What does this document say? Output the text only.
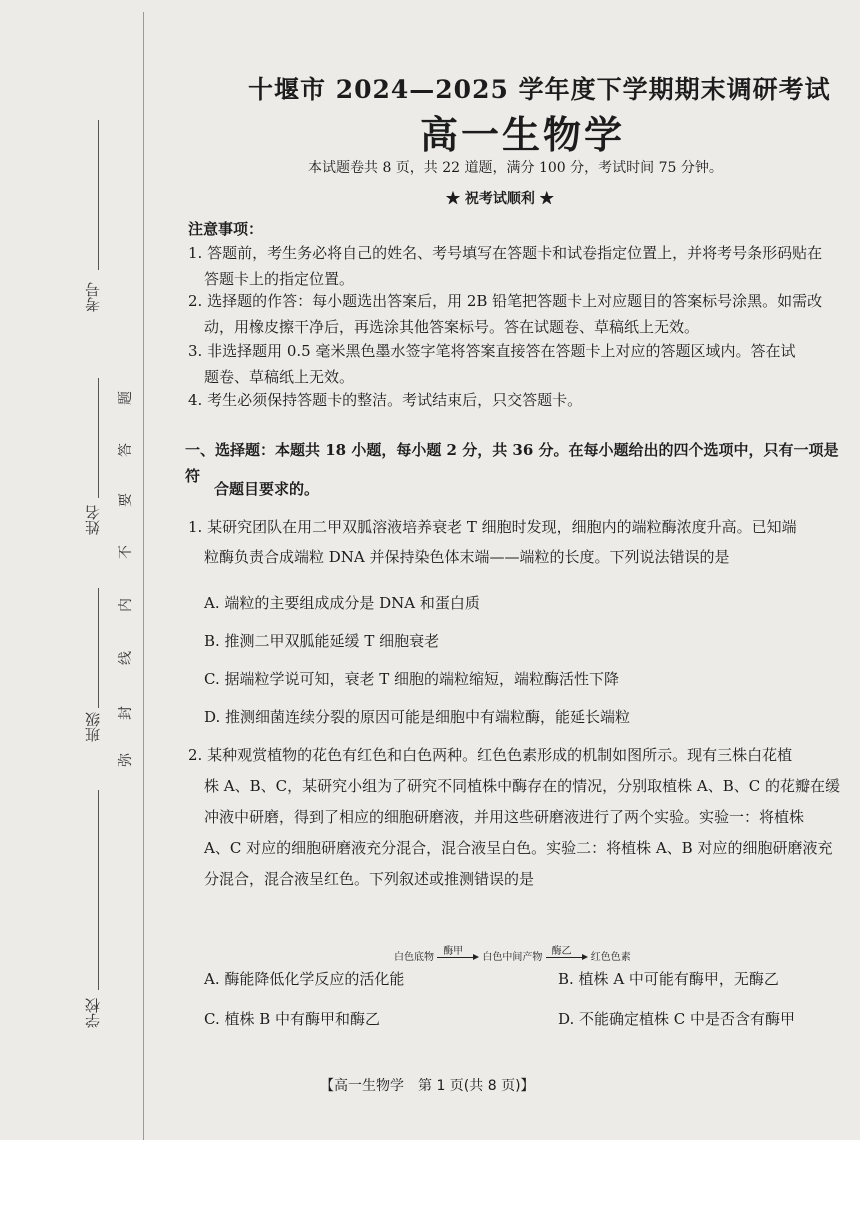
考号
姓名
班级
学校
弥
封
线
内
不
要
答
题
十堰市 2024—2025 学年度下学期期末调研考试
高一生物学
本试题卷共 8 页，共 22 道题，满分 100 分，考试时间 75 分钟。
★ 祝考试顺利 ★
注意事项：
1. 答题前，考生务必将自己的姓名、考号填写在答题卡和试卷指定位置上，并将考号条形码贴在
答题卡上的指定位置。
2. 选择题的作答：每小题选出答案后，用 2B 铅笔把答题卡上对应题目的答案标号涂黑。如需改
动，用橡皮擦干净后，再选涂其他答案标号。答在试题卷、草稿纸上无效。
3. 非选择题用 0.5 毫米黑色墨水签字笔将答案直接答在答题卡上对应的答题区域内。答在试
题卷、草稿纸上无效。
4. 考生必须保持答题卡的整洁。考试结束后，只交答题卡。
一、选择题：本题共 18 小题，每小题 2 分，共 36 分。在每小题给出的四个选项中，只有一项是符
合题目要求的。
1. 某研究团队在用二甲双胍溶液培养衰老 T 细胞时发现，细胞内的端粒酶浓度升高。已知端
粒酶负责合成端粒 DNA 并保持染色体末端——端粒的长度。下列说法错误的是
A. 端粒的主要组成成分是 DNA 和蛋白质
B. 推测二甲双胍能延缓 T 细胞衰老
C. 据端粒学说可知，衰老 T 细胞的端粒缩短，端粒酶活性下降
D. 推测细菌连续分裂的原因可能是细胞中有端粒酶，能延长端粒
2. 某种观赏植物的花色有红色和白色两种。红色色素形成的机制如图所示。现有三株白花植
株 A、B、C，某研究小组为了研究不同植株中酶存在的情况，分别取植株 A、B、C 的花瓣在缓
冲液中研磨，得到了相应的细胞研磨液，并用这些研磨液进行了两个实验。实验一：将植株
A、C 对应的细胞研磨液充分混合，混合液呈白色。实验二：将植株 A、B 对应的细胞研磨液充
分混合，混合液呈红色。下列叙述或推测错误的是
白色底物
酶甲
白色中间产物
酶乙
红色色素
A. 酶能降低化学反应的活化能	B. 植株 A 中可能有酶甲，无酶乙
C. 植株 B 中有酶甲和酶乙	D. 不能确定植株 C 中是否含有酶甲
【高一生物学　第 1 页(共 8 页)】
